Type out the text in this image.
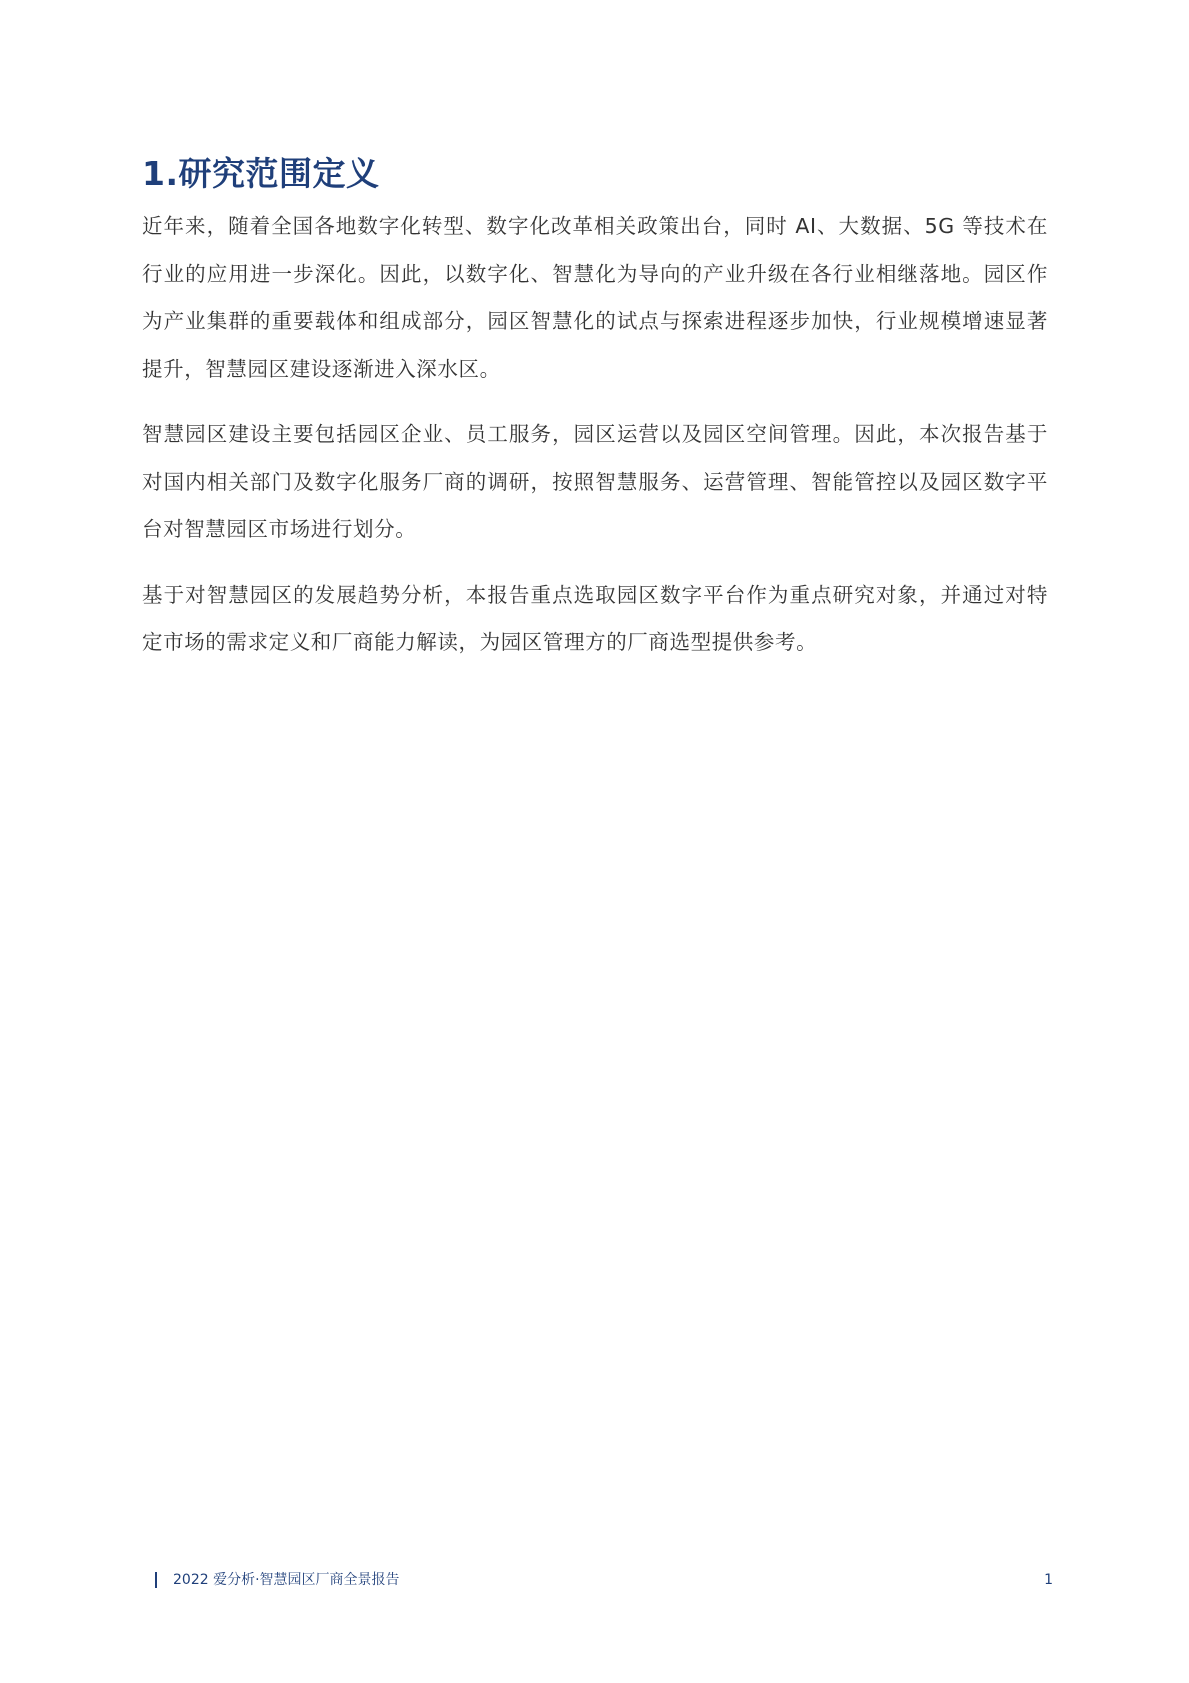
1.研究范围定义

近年来，随着全国各地数字化转型、数字化改革相关政策出台，同时 AI、大数据、5G 等技术在行业的应用进一步深化。因此，以数字化、智慧化为导向的产业升级在各行业相继落地。园区作为产业集群的重要载体和组成部分，园区智慧化的试点与探索进程逐步加快，行业规模增速显著提升，智慧园区建设逐渐进入深水区。

智慧园区建设主要包括园区企业、员工服务，园区运营以及园区空间管理。因此，本次报告基于对国内相关部门及数字化服务厂商的调研，按照智慧服务、运营管理、智能管控以及园区数字平台对智慧园区市场进行划分。

基于对智慧园区的发展趋势分析，本报告重点选取园区数字平台作为重点研究对象，并通过对特定市场的需求定义和厂商能力解读，为园区管理方的厂商选型提供参考。

2022 爱分析·智慧园区厂商全景报告	1
